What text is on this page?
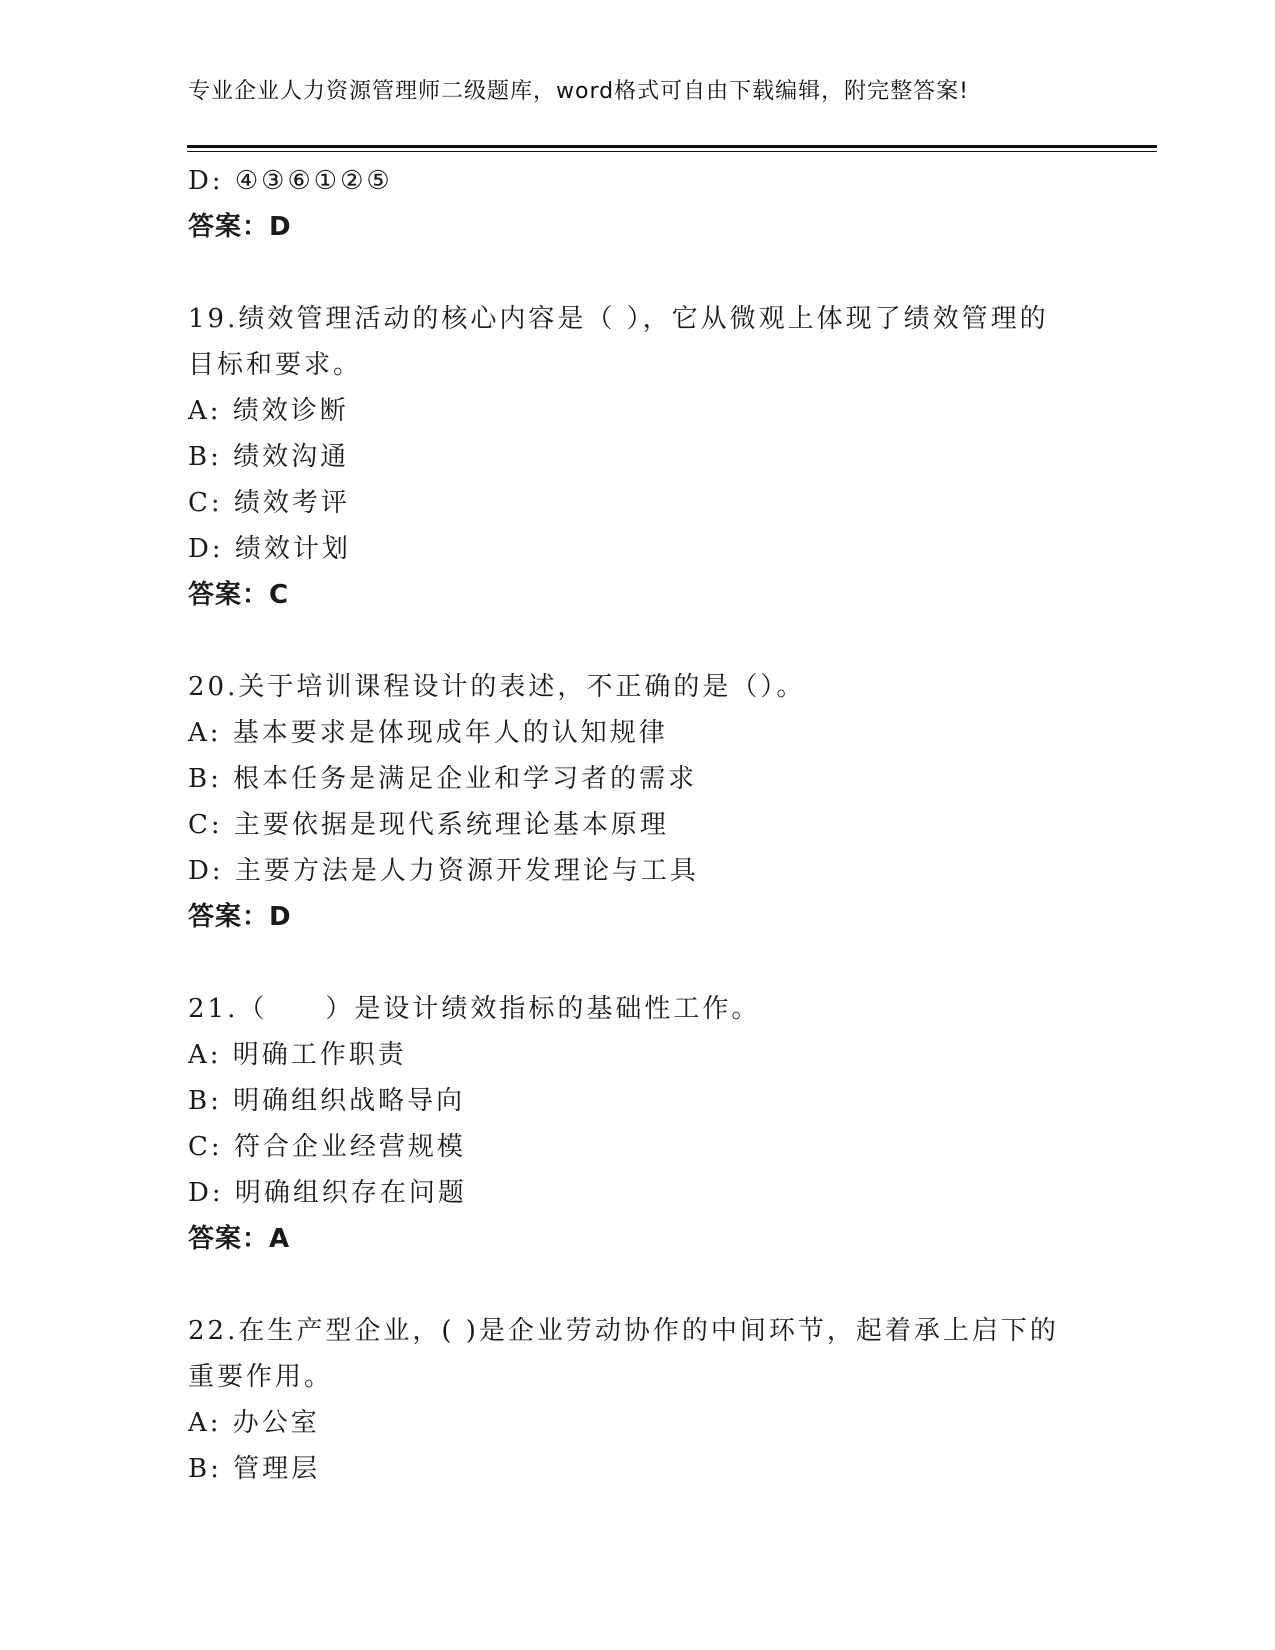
专业企业人力资源管理师二级题库，word格式可自由下载编辑，附完整答案!
D: ④③⑥①②⑤
答案：D
19.绩效管理活动的核心内容是（ ），它从微观上体现了绩效管理的
目标和要求。
A: 绩效诊断
B: 绩效沟通
C: 绩效考评
D: 绩效计划
答案：C
20.关于培训课程设计的表述，不正确的是（）。
A: 基本要求是体现成年人的认知规律
B: 根本任务是满足企业和学习者的需求
C: 主要依据是现代系统理论基本原理
D: 主要方法是人力资源开发理论与工具
答案：D
21.（　　）是设计绩效指标的基础性工作。
A: 明确工作职责
B: 明确组织战略导向
C: 符合企业经营规模
D: 明确组织存在问题
答案：A
22.在生产型企业，( )是企业劳动协作的中间环节，起着承上启下的
重要作用。
A: 办公室
B: 管理层
